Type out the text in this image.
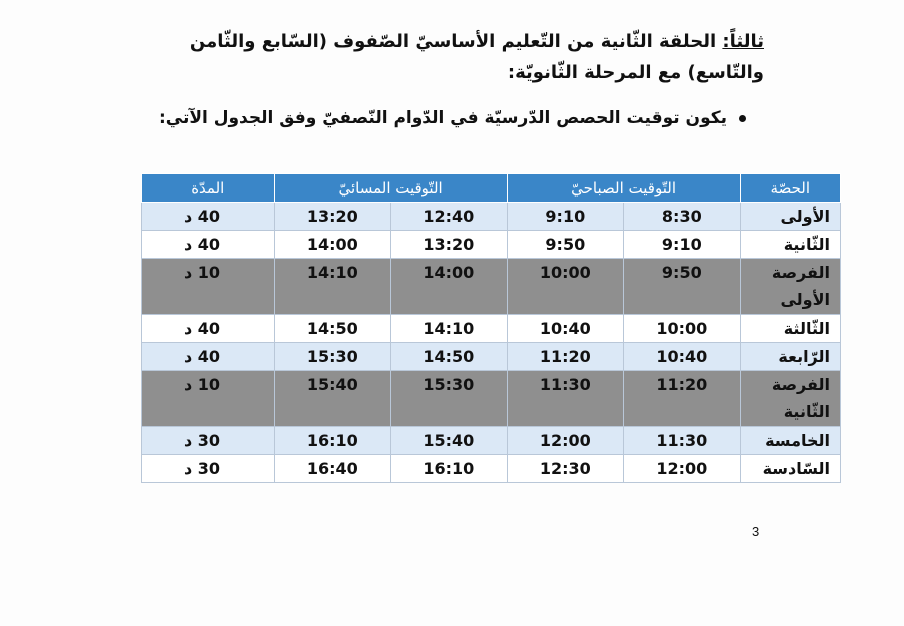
ثالثاً: الحلقة الثّانية من التّعليم الأساسيّ الصّفوف (السّابع والثّامن والتّاسع) مع المرحلة الثّانويّة:
يكون توقيت الحصص الدّرسيّة في الدّوام النّصفيّ وفق الجدول الآتي:
الحصّة	التّوقيت الصباحيّ		التّوقيت المسائيّ		المدّة
الأولى	8:30	9:10	12:40	13:20	40 د
الثّانية	9:10	9:50	13:20	14:00	40 د
الفرصة الأولى	9:50	10:00	14:00	14:10	10 د
الثّالثة	10:00	10:40	14:10	14:50	40 د
الرّابعة	10:40	11:20	14:50	15:30	40 د
الفرصة الثّانية	11:20	11:30	15:30	15:40	10 د
الخامسة	11:30	12:00	15:40	16:10	30 د
السّادسة	12:00	12:30	16:10	16:40	30 د
3
